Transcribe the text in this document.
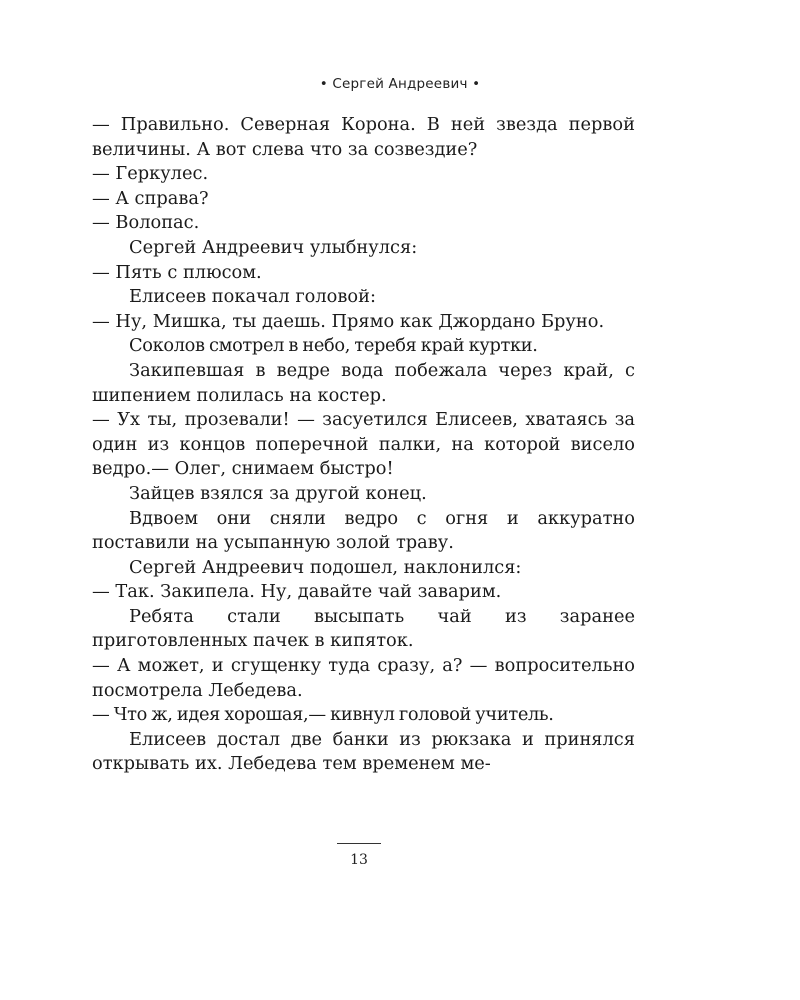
• Сергей Андреевич •

— Правильно. Северная Корона. В ней звезда первой величины. А вот слева что за созвездие?

— Геркулес.

— А справа?

— Волопас.

Сергей Андреевич улыбнулся:

— Пять с плюсом.

Елисеев покачал головой:

— Ну, Мишка, ты даешь. Прямо как Джордано Бруно.

Соколов смотрел в небо, теребя край куртки.

Закипевшая в ведре вода побежала через край, с шипением полилась на костер.

— Ух ты, прозевали! — засуетился Елисеев, хватаясь за один из концов поперечной палки, на которой висело ведро.— Олег, снимаем быстро!

Зайцев взялся за другой конец.

Вдвоем они сняли ведро с огня и аккуратно поставили на усыпанную золой траву.

Сергей Андреевич подошел, наклонился:

— Так. Закипела. Ну, давайте чай заварим.

Ребята стали высыпать чай из заранее приготовленных пачек в кипяток.

— А может, и сгущенку туда сразу, а? — вопросительно посмотрела Лебедева.

— Что ж, идея хорошая,— кивнул головой учитель.

Елисеев достал две банки из рюкзака и принялся открывать их. Лебедева тем временем ме-

13
